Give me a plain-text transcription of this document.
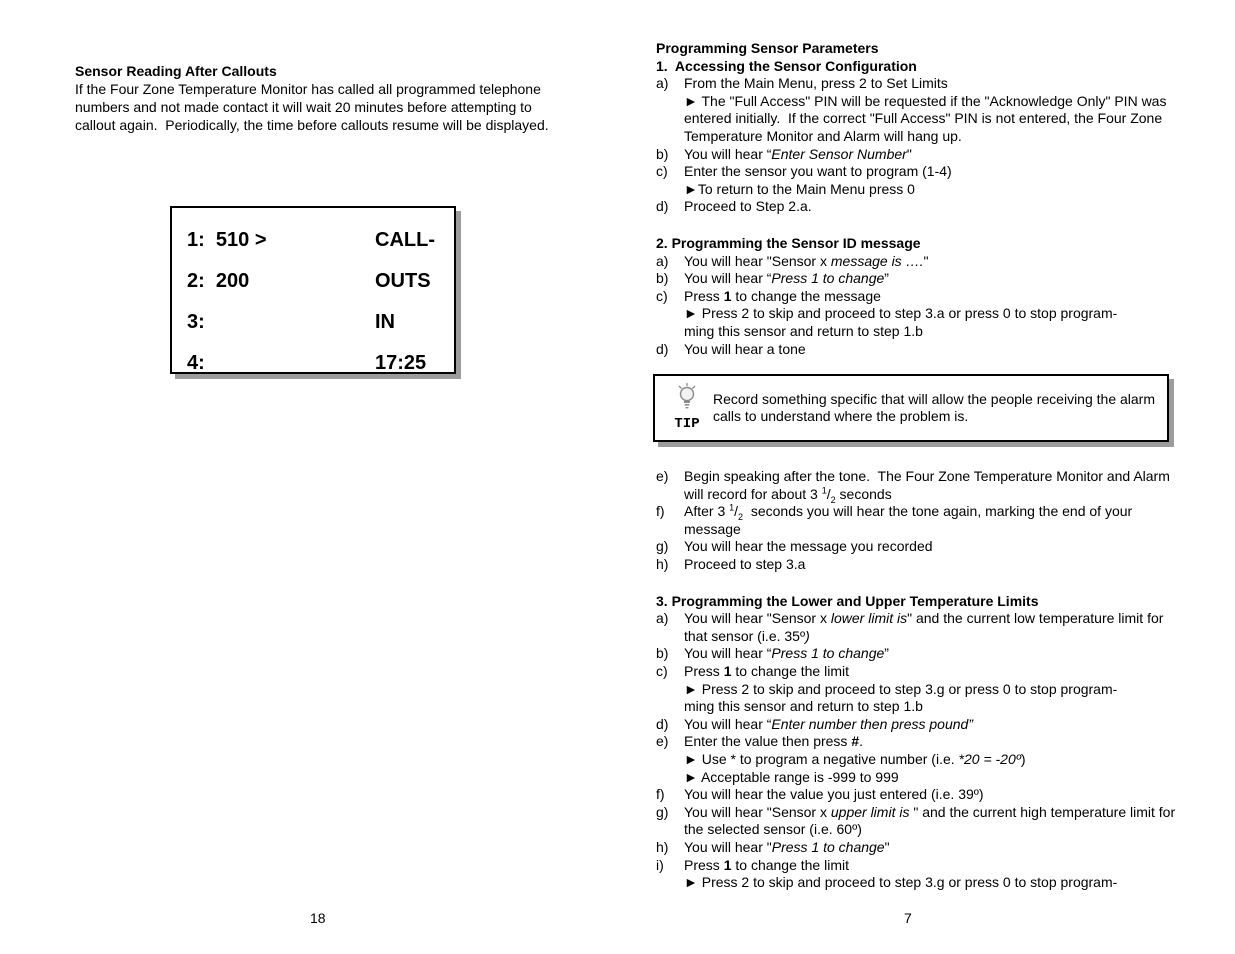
Sensor Reading After Callouts
If the Four Zone Temperature Monitor has called all programmed telephone numbers and not made contact it will wait 20 minutes before attempting to callout again.  Periodically, the time before callouts resume will be displayed.
1:  510 >	CALL-
2:  200	OUTS
3:	IN
4:	17:25
18
Programming Sensor Parameters
1.  Accessing the Sensor Configuration
a)	From the Main Menu, press 2 to Set Limits
► The "Full Access" PIN will be requested if the "Acknowledge Only" PIN was entered initially.  If the correct "Full Access" PIN is not entered, the Four Zone Temperature Monitor and Alarm will hang up.
b)	You will hear “Enter Sensor Number"
c)	Enter the sensor you want to program (1-4)
►To return to the Main Menu press 0
d)	Proceed to Step 2.a.
2. Programming the Sensor ID message
a)	You will hear "Sensor x message is …."
b)	You will hear “Press 1 to change”
c)	Press 1 to change the message
► Press 2 to skip and proceed to step 3.a or press 0 to stop program-
ming this sensor and return to step 1.b
d)	You will hear a tone
TIP
Record something specific that will allow the people receiving the alarm calls to understand where the problem is.
e)	Begin speaking after the tone.  The Four Zone Temperature Monitor and Alarm will record for about 3 $^1/_2$ seconds
f)	After 3 $^1/_2$  seconds you will hear the tone again, marking the end of your message
g)	You will hear the message you recorded
h)	Proceed to step 3.a
3. Programming the Lower and Upper Temperature Limits
a)	You will hear "Sensor x lower limit is" and the current low temperature limit for that sensor (i.e. 35º)
b)	You will hear “Press 1 to change”
c)	Press 1 to change the limit
► Press 2 to skip and proceed to step 3.g or press 0 to stop program-
ming this sensor and return to step 1.b
d)	You will hear “Enter number then press pound”
e)	Enter the value then press #.
► Use * to program a negative number (i.e. *20 = -20º)
► Acceptable range is -999 to 999
f)	You will hear the value you just entered (i.e. 39º)
g)	You will hear "Sensor x upper limit is " and the current high temperature limit for the selected sensor (i.e. 60º)
h)	You will hear "Press 1 to change"
i)	Press 1 to change the limit
► Press 2 to skip and proceed to step 3.g or press 0 to stop program-
7
